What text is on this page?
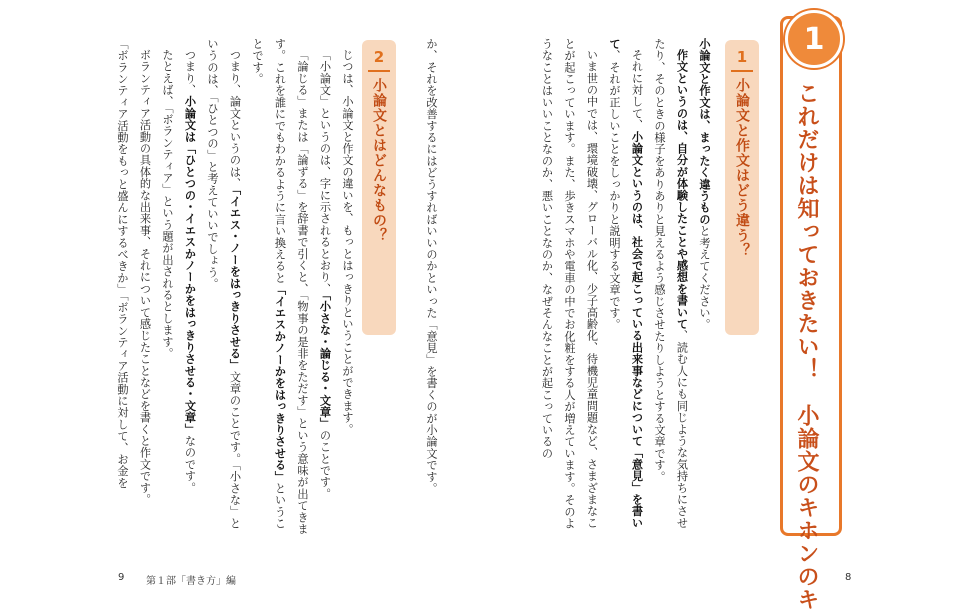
1
これだけは知っておきたい！　小論文のキホンのキ
1
小論文と作文はどう違う？

小論文と作文は、まったく違うものと考えてください。

作文というのは、自分が体験したことや感想を書いて、読む人にも同じような気持ちにさせたり、そのときの様子をありありと見えるよう感じさせたりしようとする文章です。

それに対して、小論文というのは、社会で起こっている出来事などについて「意見」を書いて、それが正しいことをしっかりと説明する文章です。

いま世の中では、環境破壊、グローバル化、少子高齢化、待機児童問題など、さまざまなことが起こっています。また、歩きスマホや電車の中でお化粧をする人が増えています。そのようなことはいいことなのか、悪いことなのか、なぜそんなことが起こっているの

8

か、それを改善するにはどうすればいいのかといった「意見」を書くのが小論文です。

2
小論文とはどんなもの？

じつは、小論文と作文の違いを、もっとはっきりということができます。

「小論文」というのは、字に示されるとおり、「小さな・論じる・文章」のことです。

「論じる」または「論ずる」を辞書で引くと、「物事の是非をただす」という意味が出てきます。これを誰にでもわかるように言い換えると「イエスかノーかをはっきりさせる」ということです。

つまり、論文というのは、「イエス・ノーをはっきりさせる」文章のことです。「小さな」というのは、「ひとつの」と考えていいでしょう。

つまり、小論文は「ひとつの・イエスかノーかをはっきりさせる・文章」なのです。

たとえば、「ボランティア」という題が出されるとします。

ボランティア活動の具体的な出来事、それについて感じたことなどを書くと作文です。

「ボランティア活動をもっと盛んにするべきか」「ボランティア活動に対して、お金を

9 第１部「書き方」編
